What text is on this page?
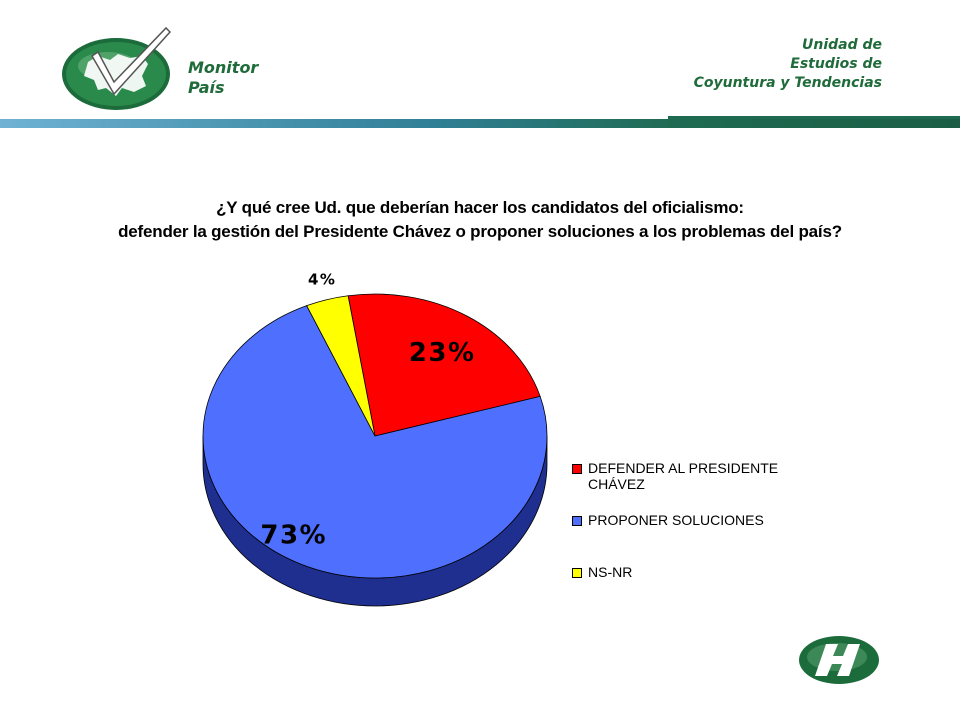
Monitor
País
Unidad de
Estudios de
Coyuntura y Tendencias
¿Y qué cree Ud. que deberían hacer los candidatos del oficialismo:
defender la gestión del Presidente Chávez o proponer soluciones a los problemas del país?
23%
73%
4%
DEFENDER AL PRESIDENTE CHÁVEZ
PROPONER SOLUCIONES
NS-NR
